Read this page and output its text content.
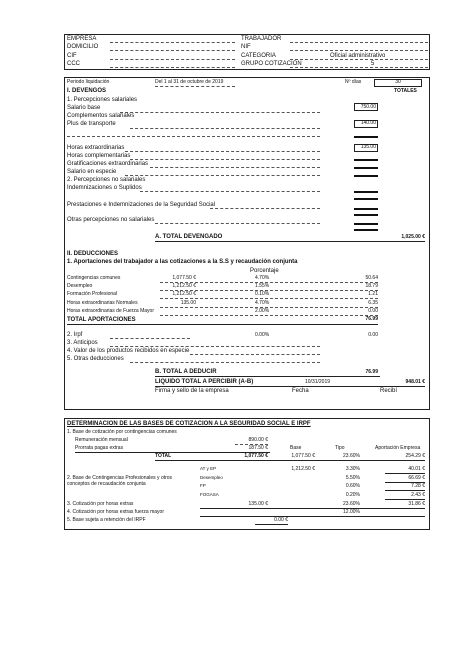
EMPRESA
DOMICILIO
CIF
CCC
TRABAJADOR
NIF
CATEGORIA	Oficial administrativo
GRUPO COTIZACION	5
Periodo liquidación	Del 1 al 31 de octubre de 2019	Nº días	30
TOTALES
I. DEVENGOS
1. Percepciones salariales
Salario base	750.00
Complementos salariales
Plus de transporte	140.00
Horas extraordinarias	135.00
Horas complementarias
Gratificaciones extraordinarias
Salario en especie
2. Percepciones no salariales
Indemnizaciones o Suplidos
Prestaciones e Indemnizaciones de la Seguridad Social
Otras percepciones no salariales
A. TOTAL DEVENGADO	1,025.00 €
II. DEDUCCIONES
1. Aportaciones del trabajador a las cotizaciones a la S.S y recaudación conjunta
Porcentaje
Contingencias comunes	1,077.50 €	4.70%	50.64
Desempleo	1,212.50 €	1.55%	18.79
Formación Profesional	1,212.50 €	0.10%	1.21
Horas extraordinarias Normales	135.00	4.70%	6.35
Horas extraordinarias de Fuerza Mayor	2.00%	0.00
TOTAL APORTACIONES	76.99
2. Irpf	0.00%	0.00
3. Anticipos
4. Valor de los productos recibidos en especie
5. Otras deducciones
B. TOTAL A DEDUCIR	76.99
LIQUIDO TOTAL A PERCIBIR (A-B)	10/31/2019	948.01 €
Firma y sello de la empresa	Fecha	Recibí
DETERMINACION DE LAS BASES DE COTIZACION A LA SEGURIDAD SOCIAL E IRPF
1. Base de cotización por contingencias comunes
Remuneración mensual	890.00 €
Prorrata pagas extras	187.50 €	Base	Tipo	Aportación Empresa
TOTAL	1,077.50 €	1,077.50 €	23.60%	254.29 €
2. Base de Contingencias Profesionales y otros conceptos de recaudación conjunta
AT y EP	1,212.50 €	3.30%	40.01 €
Desempleo	5.50%	66.69 €
FP	0.60%	7.28 €
FOGASA	0.20%	2.43 €
3. Cotización por horas extras	135.00 €	23.60%	31.86 €
4. Cotización por horas extras fuerza mayor	12.00%
5. Base sujeta a retención del IRPF	0.00 €
